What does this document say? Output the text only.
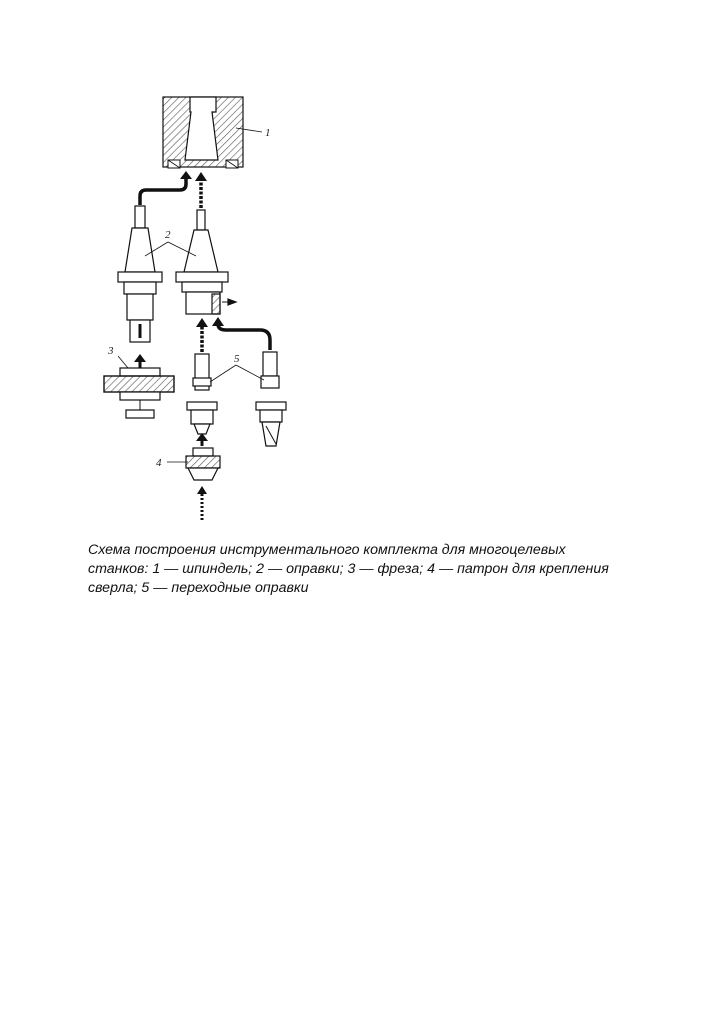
1
2
3
5
4

Схема построения инструментального комплекта для многоцелевых
станков: 1 — шпиндель; 2 — оправки; 3 — фреза; 4 — патрон для крепления
сверла; 5 — переходные оправки
